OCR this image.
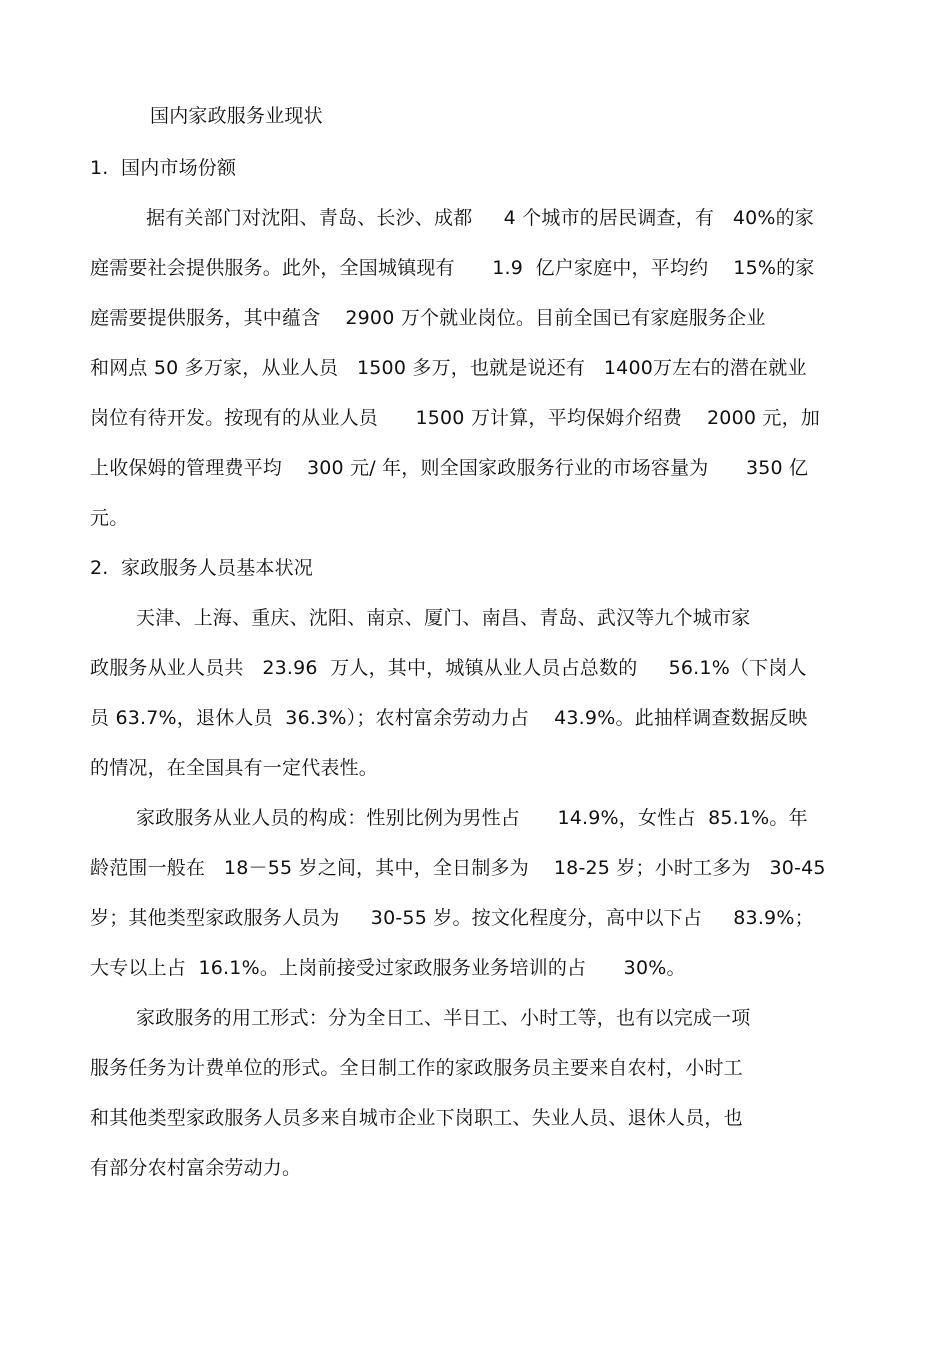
国内家政服务业现状
1.  国内市场份额
据有关部门对沈阳、青岛、长沙、成都     4 个城市的居民调查，有   40%的家
庭需要社会提供服务。此外，全国城镇现有      1.9  亿户家庭中，平均约    15%的家
庭需要提供服务，其中蕴含    2900 万个就业岗位。目前全国已有家庭服务企业
和网点 50 多万家，从业人员   1500 多万，也就是说还有   1400万左右的潜在就业
岗位有待开发。按现有的从业人员      1500 万计算，平均保姆介绍费    2000 元，加
上收保姆的管理费平均    300 元/ 年，则全国家政服务行业的市场容量为      350 亿
元。
2.  家政服务人员基本状况
天津、上海、重庆、沈阳、南京、厦门、南昌、青岛、武汉等九个城市家
政服务从业人员共   23.96  万人，其中，城镇从业人员占总数的     56.1%（下岗人
员 63.7%，退休人员  36.3%）；农村富余劳动力占    43.9%。此抽样调查数据反映
的情况，在全国具有一定代表性。
家政服务从业人员的构成：性别比例为男性占      14.9%，女性占  85.1%。年
龄范围一般在   18－55 岁之间，其中，全日制多为    18-25 岁；小时工多为   30-45
岁；其他类型家政服务人员为     30-55 岁。按文化程度分，高中以下占     83.9%；
大专以上占  16.1%。上岗前接受过家政服务业务培训的占      30%。
家政服务的用工形式：分为全日工、半日工、小时工等，也有以完成一项
服务任务为计费单位的形式。全日制工作的家政服务员主要来自农村，小时工
和其他类型家政服务人员多来自城市企业下岗职工、失业人员、退休人员，也
有部分农村富余劳动力。
